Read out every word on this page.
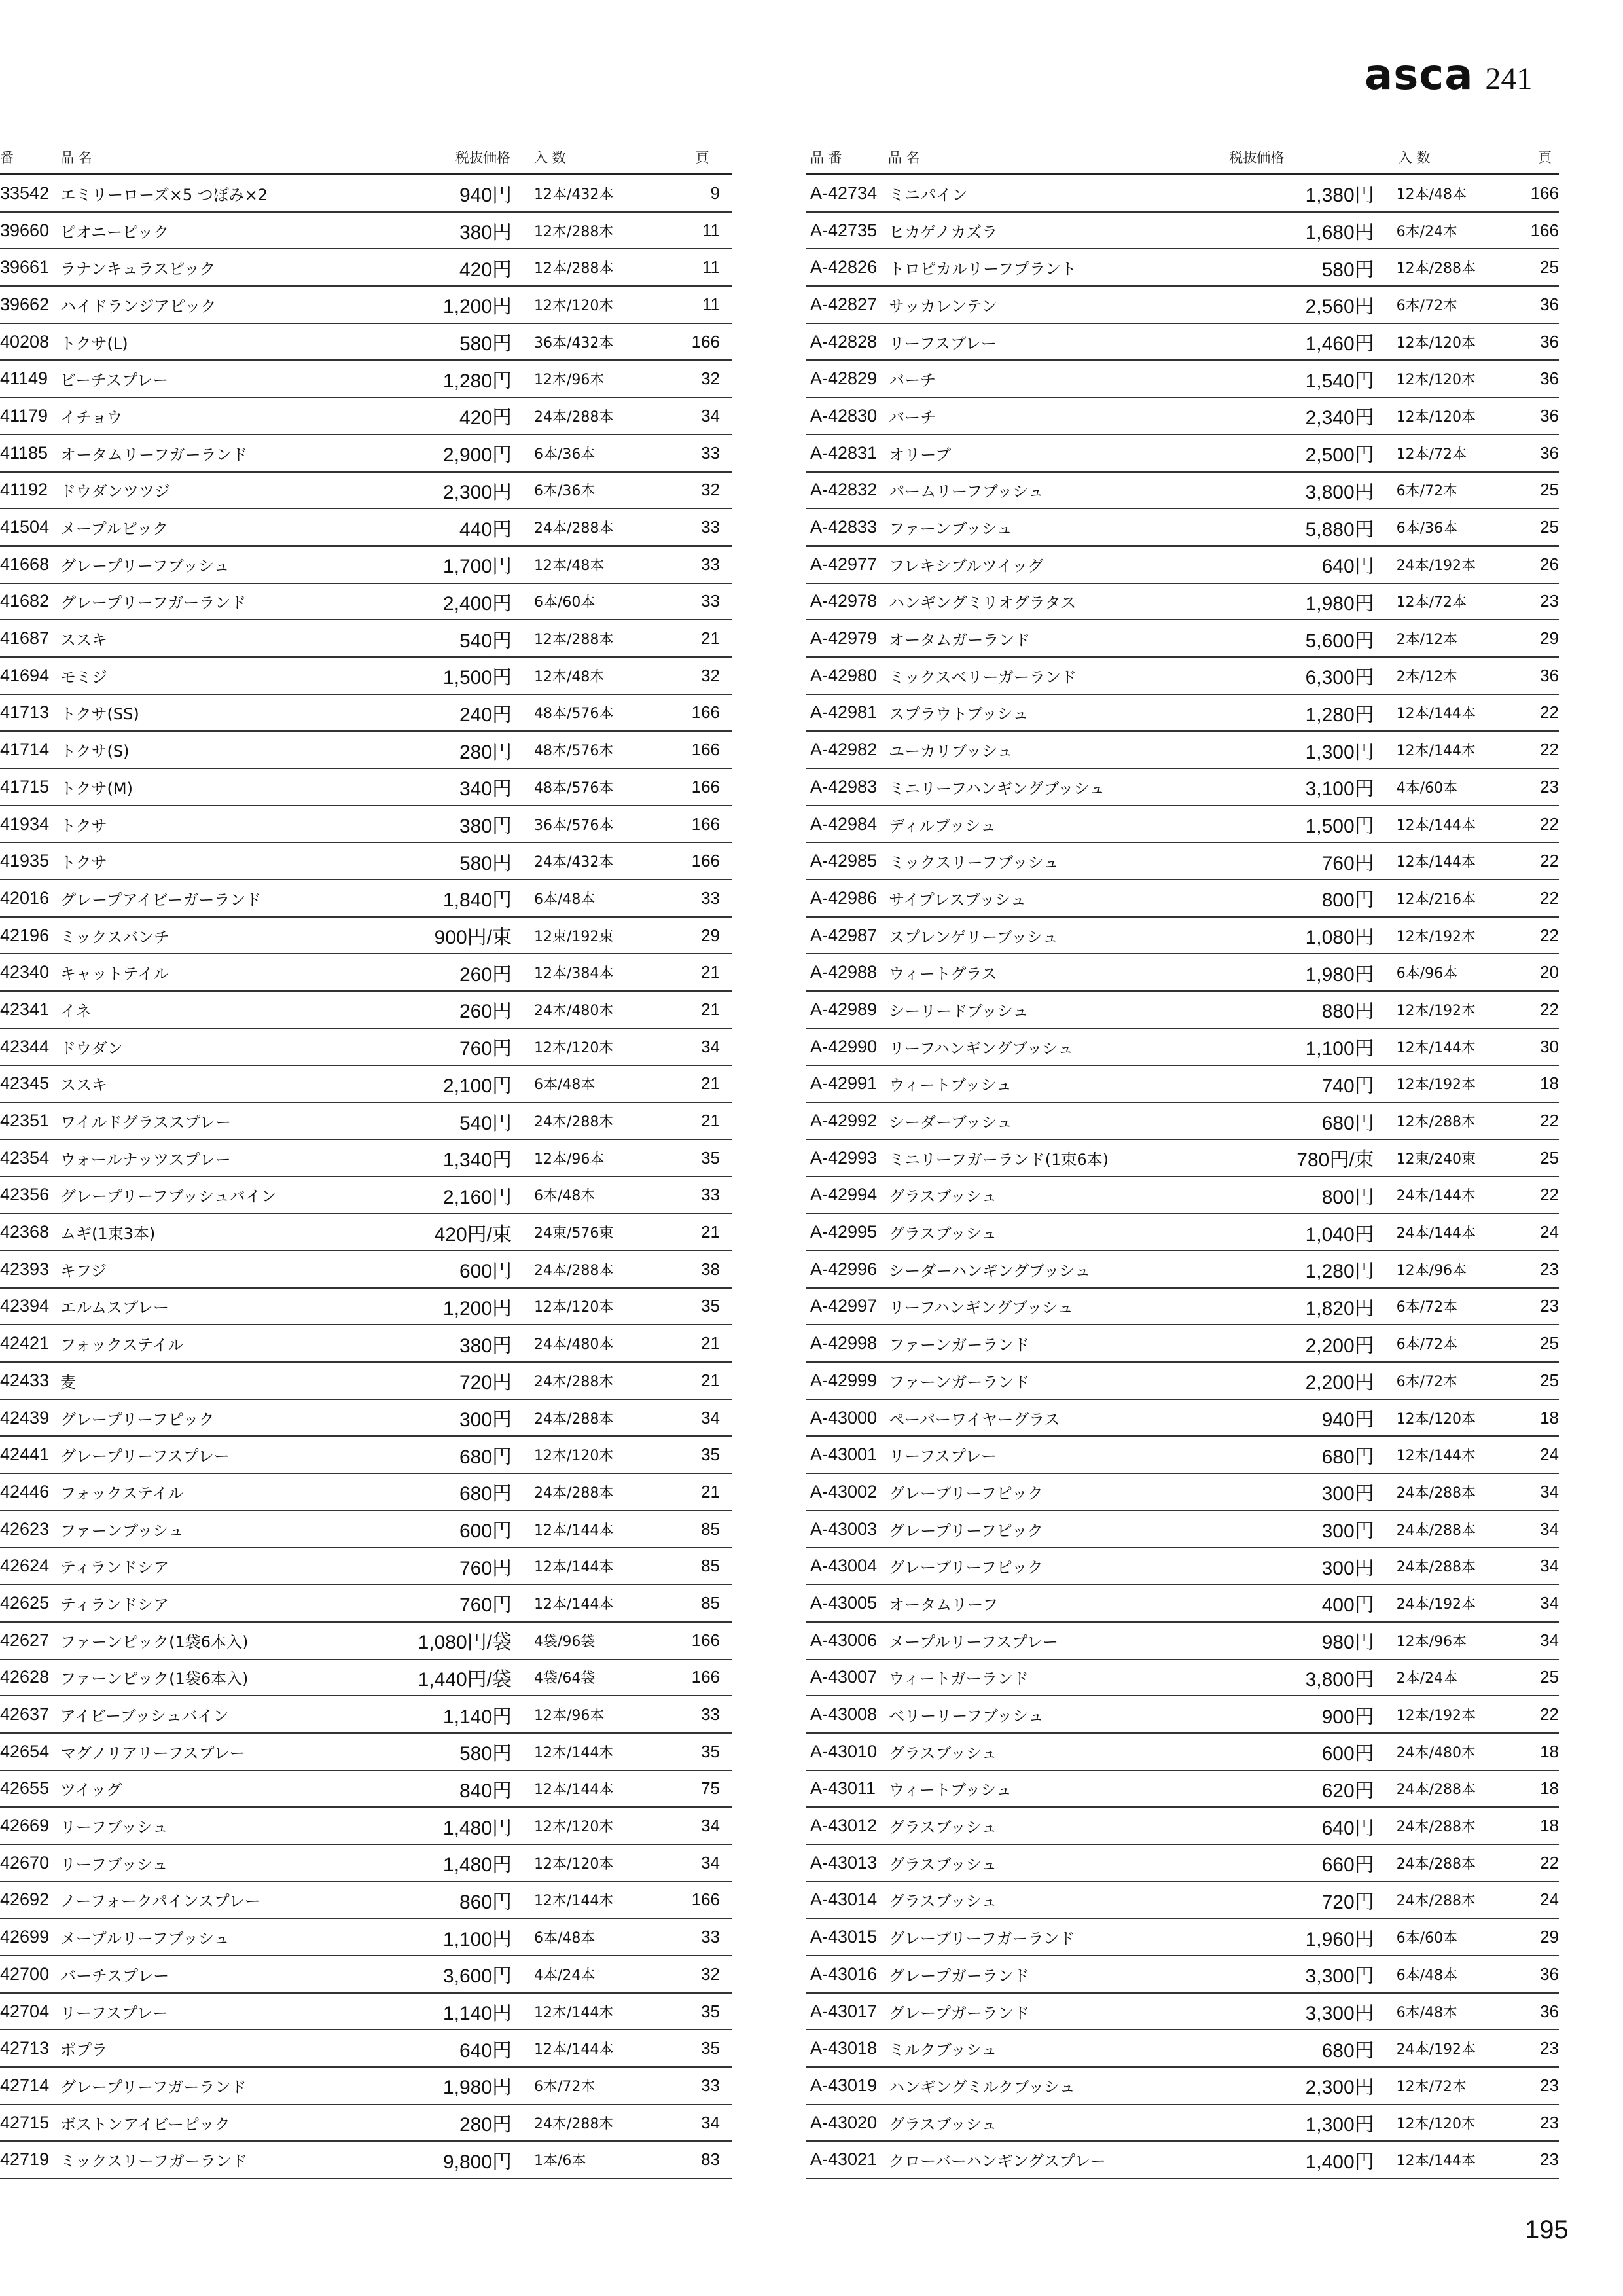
asca 241
番	品 名	税抜価格	入 数	頁
33542 エミリーローズ×5 つぼみ×2	940円	12本/432本	9
39660 ピオニーピック	380円	12本/288本	11
39661 ラナンキュラスピック	420円	12本/288本	11
39662 ハイドランジアピック	1,200円	12本/120本	11
40208 トクサ(L)	580円	36本/432本	166
41149 ビーチスプレー	1,280円	12本/96本	32
41179 イチョウ	420円	24本/288本	34
41185 オータムリーフガーランド	2,900円	6本/36本	33
41192 ドウダンツツジ	2,300円	6本/36本	32
41504 メープルピック	440円	24本/288本	33
41668 グレープリーフブッシュ	1,700円	12本/48本	33
41682 グレープリーフガーランド	2,400円	6本/60本	33
41687 ススキ	540円	12本/288本	21
41694 モミジ	1,500円	12本/48本	32
41713 トクサ(SS)	240円	48本/576本	166
41714 トクサ(S)	280円	48本/576本	166
41715 トクサ(M)	340円	48本/576本	166
41934 トクサ	380円	36本/576本	166
41935 トクサ	580円	24本/432本	166
42016 グレープアイビーガーランド	1,840円	6本/48本	33
42196 ミックスバンチ	900円/束	12束/192束	29
42340 キャットテイル	260円	12本/384本	21
42341 イネ	260円	24本/480本	21
42344 ドウダン	760円	12本/120本	34
42345 ススキ	2,100円	6本/48本	21
42351 ワイルドグラススプレー	540円	24本/288本	21
42354 ウォールナッツスプレー	1,340円	12本/96本	35
42356 グレープリーフブッシュバイン	2,160円	6本/48本	33
42368 ムギ(1束3本)	420円/束	24束/576束	21
42393 キフジ	600円	24本/288本	38
42394 エルムスプレー	1,200円	12本/120本	35
42421 フォックステイル	380円	24本/480本	21
42433 麦	720円	24本/288本	21
42439 グレープリーフピック	300円	24本/288本	34
42441 グレープリーフスプレー	680円	12本/120本	35
42446 フォックステイル	680円	24本/288本	21
42623 ファーンブッシュ	600円	12本/144本	85
42624 ティランドシア	760円	12本/144本	85
42625 ティランドシア	760円	12本/144本	85
42627 ファーンピック(1袋6本入)	1,080円/袋	4袋/96袋	166
42628 ファーンピック(1袋6本入)	1,440円/袋	4袋/64袋	166
42637 アイビーブッシュバイン	1,140円	12本/96本	33
42654 マグノリアリーフスプレー	580円	12本/144本	35
42655 ツイッグ	840円	12本/144本	75
42669 リーフブッシュ	1,480円	12本/120本	34
42670 リーフブッシュ	1,480円	12本/120本	34
42692 ノーフォークパインスプレー	860円	12本/144本	166
42699 メープルリーフブッシュ	1,100円	6本/48本	33
42700 バーチスプレー	3,600円	4本/24本	32
42704 リーフスプレー	1,140円	12本/144本	35
42713 ポプラ	640円	12本/144本	35
42714 グレープリーフガーランド	1,980円	6本/72本	33
42715 ボストンアイビーピック	280円	24本/288本	34
42719 ミックスリーフガーランド	9,800円	1本/6本	83
品 番	品 名	税抜価格	入 数	頁
A-42734 ミニパイン	1,380円	12本/48本	166
A-42735 ヒカゲノカズラ	1,680円	6本/24本	166
A-42826 トロピカルリーフプラント	580円	12本/288本	25
A-42827 サッカレンテン	2,560円	6本/72本	36
A-42828 リーフスプレー	1,460円	12本/120本	36
A-42829 バーチ	1,540円	12本/120本	36
A-42830 バーチ	2,340円	12本/120本	36
A-42831 オリーブ	2,500円	12本/72本	36
A-42832 パームリーフブッシュ	3,800円	6本/72本	25
A-42833 ファーンブッシュ	5,880円	6本/36本	25
A-42977 フレキシブルツイッグ	640円	24本/192本	26
A-42978 ハンギングミリオグラタス	1,980円	12本/72本	23
A-42979 オータムガーランド	5,600円	2本/12本	29
A-42980 ミックスベリーガーランド	6,300円	2本/12本	36
A-42981 スプラウトブッシュ	1,280円	12本/144本	22
A-42982 ユーカリブッシュ	1,300円	12本/144本	22
A-42983 ミニリーフハンギングブッシュ	3,100円	4本/60本	23
A-42984 ディルブッシュ	1,500円	12本/144本	22
A-42985 ミックスリーフブッシュ	760円	12本/144本	22
A-42986 サイプレスブッシュ	800円	12本/216本	22
A-42987 スプレンゲリーブッシュ	1,080円	12本/192本	22
A-42988 ウィートグラス	1,980円	6本/96本	20
A-42989 シーリードブッシュ	880円	12本/192本	22
A-42990 リーフハンギングブッシュ	1,100円	12本/144本	30
A-42991 ウィートブッシュ	740円	12本/192本	18
A-42992 シーダーブッシュ	680円	12本/288本	22
A-42993 ミニリーフガーランド(1束6本)	780円/束	12束/240束	25
A-42994 グラスブッシュ	800円	24本/144本	22
A-42995 グラスブッシュ	1,040円	24本/144本	24
A-42996 シーダーハンギングブッシュ	1,280円	12本/96本	23
A-42997 リーフハンギングブッシュ	1,820円	6本/72本	23
A-42998 ファーンガーランド	2,200円	6本/72本	25
A-42999 ファーンガーランド	2,200円	6本/72本	25
A-43000 ペーパーワイヤーグラス	940円	12本/120本	18
A-43001 リーフスプレー	680円	12本/144本	24
A-43002 グレープリーフピック	300円	24本/288本	34
A-43003 グレープリーフピック	300円	24本/288本	34
A-43004 グレープリーフピック	300円	24本/288本	34
A-43005 オータムリーフ	400円	24本/192本	34
A-43006 メープルリーフスプレー	980円	12本/96本	34
A-43007 ウィートガーランド	3,800円	2本/24本	25
A-43008 ベリーリーフブッシュ	900円	12本/192本	22
A-43010 グラスブッシュ	600円	24本/480本	18
A-43011 ウィートブッシュ	620円	24本/288本	18
A-43012 グラスブッシュ	640円	24本/288本	18
A-43013 グラスブッシュ	660円	24本/288本	22
A-43014 グラスブッシュ	720円	24本/288本	24
A-43015 グレープリーフガーランド	1,960円	6本/60本	29
A-43016 グレープガーランド	3,300円	6本/48本	36
A-43017 グレープガーランド	3,300円	6本/48本	36
A-43018 ミルクブッシュ	680円	24本/192本	23
A-43019 ハンギングミルクブッシュ	2,300円	12本/72本	23
A-43020 グラスブッシュ	1,300円	12本/120本	23
A-43021 クローバーハンギングスプレー	1,400円	12本/144本	23
195
